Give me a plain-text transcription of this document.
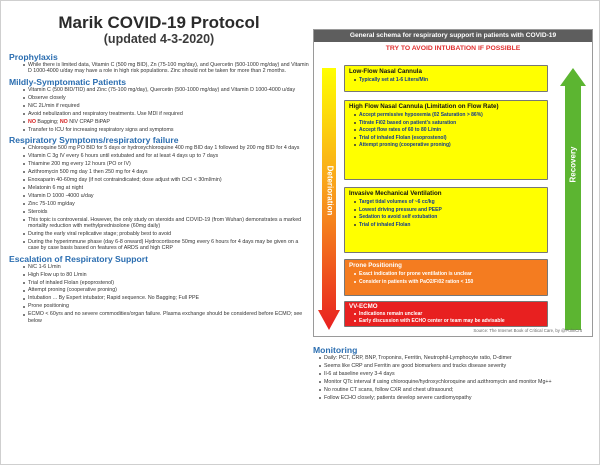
Marik COVID-19 Protocol
(updated 4-3-2020)
Prophylaxis
While there is limited data, Vitamin C (500 mg BID), Zn (75-100 mg/day), and Quercetin (500-1000 mg/day) and Vitamin D 1000-4000 u/day may have a role in high risk populations. Zinc should not be taken for more than 2 months.
Mildly-Symptomatic Patients
Vitamin C (500 BID/TID) and Zinc (75-100 mg/day), Quercetin (500-1000 mg/day) and Vitamin D 1000-4000 u/day
Observe closely
N/C 2L/min if required
Avoid nebulization and respiratory treatments. Use MDI if required
NO Bagging; NO NIV CPAP BiPAP
Transfer to ICU for increasing respiratory signs and symptoms
Respiratory Symptoms/respiratory failure
Chloroquine 500 mg PO BID for 5 days or hydroxychloroquine 400 mg BID day 1 followed by 200 mg BID for 4 days
Vitamin C 3g IV every 6 hours until extubated and for at least 4 days up to 7 days
Thiamine 200 mg every 12 hours (PO or IV)
Azithromycin 500 mg day 1 then 250 mg for 4 days
Enoxaparin 40-60mg day (if not contraindicated; dose adjust with CrCl < 30ml/min)
Melatonin 6 mg at night
Vitamin D 1000 -4000 u/day
Zinc 75-100 mg/day
Steroids
This topic is controversial. However, the only study on steroids and COVID-19 (from Wuhan) demonstrates a marked mortality reduction with methylprednisolone (60mg daily)
During the early viral replicative stage; probably best to avoid
During the hyperimmune phase (day 6-8 onward) Hydrocortisone 50mg every 6 hours for 4 days may be given on a case by case basis based on features of ARDS and high CRP
Escalation of Respiratory Support
N/C 1-6 L/min
High Flow up to 80 L/min
Trial of inhaled Flolan (epoprostenol)
Attempt proning (cooperative proning)
Intubation ... By Expert intubator; Rapid sequence. No Bagging; Full PPE
Prone positioning
ECMO < 60yrs and no severe commodities/organ failure. Plasma exchange should be considered before ECMO; see below
General schema for respiratory support in patients with COVID-19
TRY TO AVOID INTUBATION IF POSSIBLE
Deterioration
Recovery
Low-Flow Nasal Cannula
Typically set at 1-6 Liters/Min
High Flow Nasal Cannula (Limitation on Flow Rate)
Accept permissive hypoxemia (02 Saturation > 86%)
Titrate Fi02 based on patient's saturation
Accept flow rates of 60 to 80 L/min
Trial of inhaled Flolan (esoprostenol)
Attempt proning (cooperative proning)
Invasive Mechanical Ventilation
Target tidal volumes of ~6 cc/kg
Lowest driving pressure and PEEP
Sedation to avoid self extubation
Trial of inhaled Flolan
Prone Positioning
Exact indication for prone ventilation is unclear
Consider in patients with PaO2/Fi02 ration < 150
VV-ECMO
Indications remain unclear
Early discussion with ECHO center or team may be advisable
Source: The Internet Book of Critical Care, by @PulmCrit
Monitoring
Daily: PCT, CRP, BNP, Troponins, Ferritin, Neutrophil-Lymphocyte ratio, D-dimer
Seems like CRP and Ferritin are good biomarkers and tracks disease severity
Il-6 at baseline every 3-4 days
Monitor QTc interval if using chloroquine/hydroxychloroquine and azithromycin and monitor Mg++
No routine CT scans, follow CXR and chest ultrasound;
Follow ECHO closely; patients develop severe cardiomyopathy
